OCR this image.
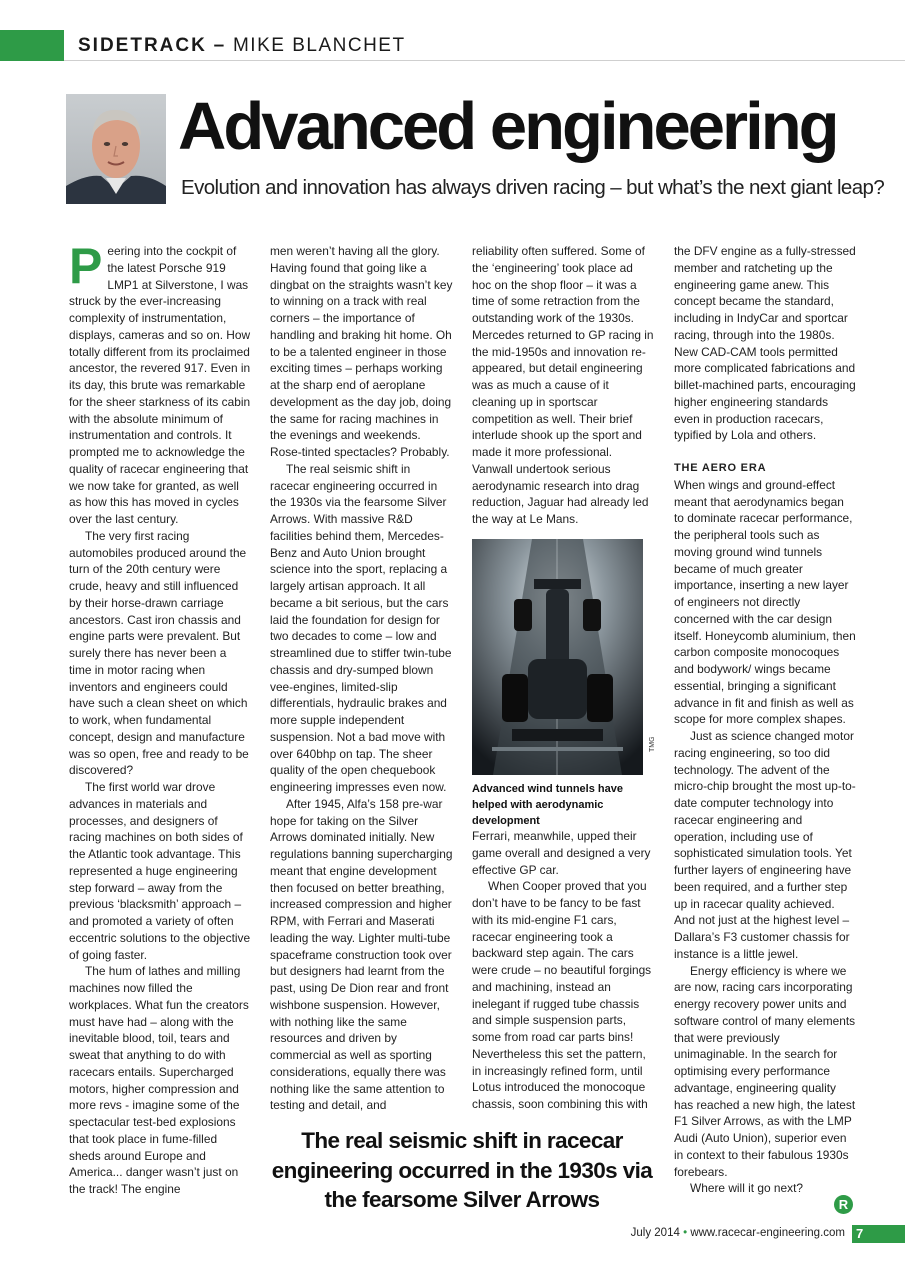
SIDETRACK – MIKE BLANCHET
Advanced engineering
Evolution and innovation has always driven racing – but what’s the next giant leap?

Peering into the cockpit of the latest Porsche 919 LMP1 at Silverstone, I was struck by the ever-increasing complexity of instrumentation, displays, cameras and so on. How totally different from its proclaimed ancestor, the revered 917. Even in its day, this brute was remarkable for the sheer starkness of its cabin with the absolute minimum of instrumentation and controls. It prompted me to acknowledge the quality of racecar engineering that we now take for granted, as well as how this has moved in cycles over the last century.

The very first racing automobiles produced around the turn of the 20th century were crude, heavy and still influenced by their horse-drawn carriage ancestors. Cast iron chassis and engine parts were prevalent. But surely there has never been a time in motor racing when inventors and engineers could have such a clean sheet on which to work, when fundamental concept, design and manufacture was so open, free and ready to be discovered?

The first world war drove advances in materials and processes, and designers of racing machines on both sides of the Atlantic took advantage. This represented a huge engineering step forward – away from the previous ‘blacksmith’ approach – and promoted a variety of often eccentric solutions to the objective of going faster.

The hum of lathes and milling machines now filled the workplaces. What fun the creators must have had – along with the inevitable blood, toil, tears and sweat that anything to do with racecars entails. Supercharged motors, higher compression and more revs - imagine some of the spectacular test-bed explosions that took place in fume-filled sheds around Europe and America... danger wasn’t just on the track! The engine

men weren’t having all the glory. Having found that going like a dingbat on the straights wasn’t key to winning on a track with real corners – the importance of handling and braking hit home. Oh to be a talented engineer in those exciting times – perhaps working at the sharp end of aeroplane development as the day job, doing the same for racing machines in the evenings and weekends. Rose-tinted spectacles? Probably.

The real seismic shift in racecar engineering occurred in the 1930s via the fearsome Silver Arrows. With massive R&D facilities behind them, Mercedes-Benz and Auto Union brought science into the sport, replacing a largely artisan approach. It all became a bit serious, but the cars laid the foundation for design for two decades to come – low and streamlined due to stiffer twin-tube chassis and dry-sumped blown vee-engines, limited-slip differentials, hydraulic brakes and more supple independent suspension. Not a bad move with over 640bhp on tap. The sheer quality of the open chequebook engineering impresses even now.

After 1945, Alfa’s 158 pre-war hope for taking on the Silver Arrows dominated initially. New regulations banning supercharging meant that engine development then focused on better breathing, increased compression and higher RPM, with Ferrari and Maserati leading the way. Lighter multi-tube spaceframe construction took over but designers had learnt from the past, using De Dion rear and front wishbone suspension. However, with nothing like the same resources and driven by commercial as well as sporting considerations, equally there was nothing like the same attention to testing and detail, and

reliability often suffered. Some of the ‘engineering’ took place ad hoc on the shop floor – it was a time of some retraction from the outstanding work of the 1930s. Mercedes returned to GP racing in the mid-1950s and innovation re-appeared, but detail engineering was as much a cause of it cleaning up in sportscar competition as well. Their brief interlude shook up the sport and made it more professional. Vanwall undertook serious aerodynamic research into drag reduction, Jaguar had already led the way at Le Mans.

TMG
Advanced wind tunnels have helped with aerodynamic development

Ferrari, meanwhile, upped their game overall and designed a very effective GP car.

When Cooper proved that you don’t have to be fancy to be fast with its mid-engine F1 cars, racecar engineering took a backward step again. The cars were crude – no beautiful forgings and machining, instead an inelegant if rugged tube chassis and simple suspension parts, some from road car parts bins! Nevertheless this set the pattern, in increasingly refined form, until Lotus introduced the monocoque chassis, soon combining this with

the DFV engine as a fully-stressed member and ratcheting up the engineering game anew. This concept became the standard, including in IndyCar and sportcar racing, through into the 1980s. New CAD-CAM tools permitted more complicated fabrications and billet-machined parts, encouraging higher engineering standards even in production racecars, typified by Lola and others.

THE AERO ERA

When wings and ground-effect meant that aerodynamics began to dominate racecar performance, the peripheral tools such as moving ground wind tunnels became of much greater importance, inserting a new layer of engineers not directly concerned with the car design itself. Honeycomb aluminium, then carbon composite monocoques and bodywork/ wings became essential, bringing a significant advance in fit and finish as well as scope for more complex shapes.

Just as science changed motor racing engineering, so too did technology. The advent of the micro-chip brought the most up-to-date computer technology into racecar engineering and operation, including use of sophisticated simulation tools. Yet further layers of engineering have been required, and a further step up in racecar quality achieved. And not just at the highest level – Dallara’s F3 customer chassis for instance is a little jewel.

Energy efficiency is where we are now, racing cars incorporating energy recovery power units and software control of many elements that were previously unimaginable. In the search for optimising every performance advantage, engineering quality has reached a new high, the latest F1 Silver Arrows, as with the LMP Audi (Auto Union), superior even in context to their fabulous 1930s forebears.

Where will it go next?

The real seismic shift in racecar engineering occurred in the 1930s via the fearsome Silver Arrows	R
July 2014 • www.racecar-engineering.com 7
